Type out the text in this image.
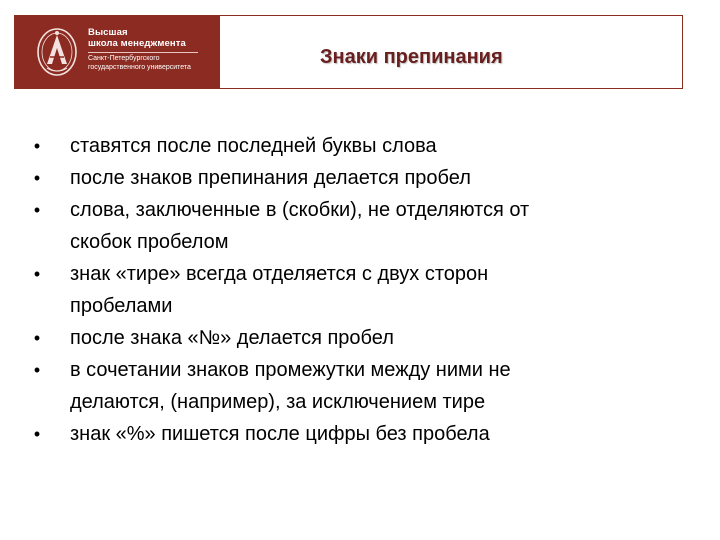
Высшая
школа менеджмента
Санкт-Петербургского
государственного университета	Знаки препинания
• ставятся после последней буквы слова
• после знаков препинания делается пробел
• слова, заключенные в (скобки), не отделяются от
скобок пробелом
• знак «тире» всегда отделяется с двух сторон
пробелами
• после знака «№» делается пробел
• в сочетании знаков промежутки между ними не
делаются, (например), за исключением тире
• знак «%» пишется после цифры без пробела
